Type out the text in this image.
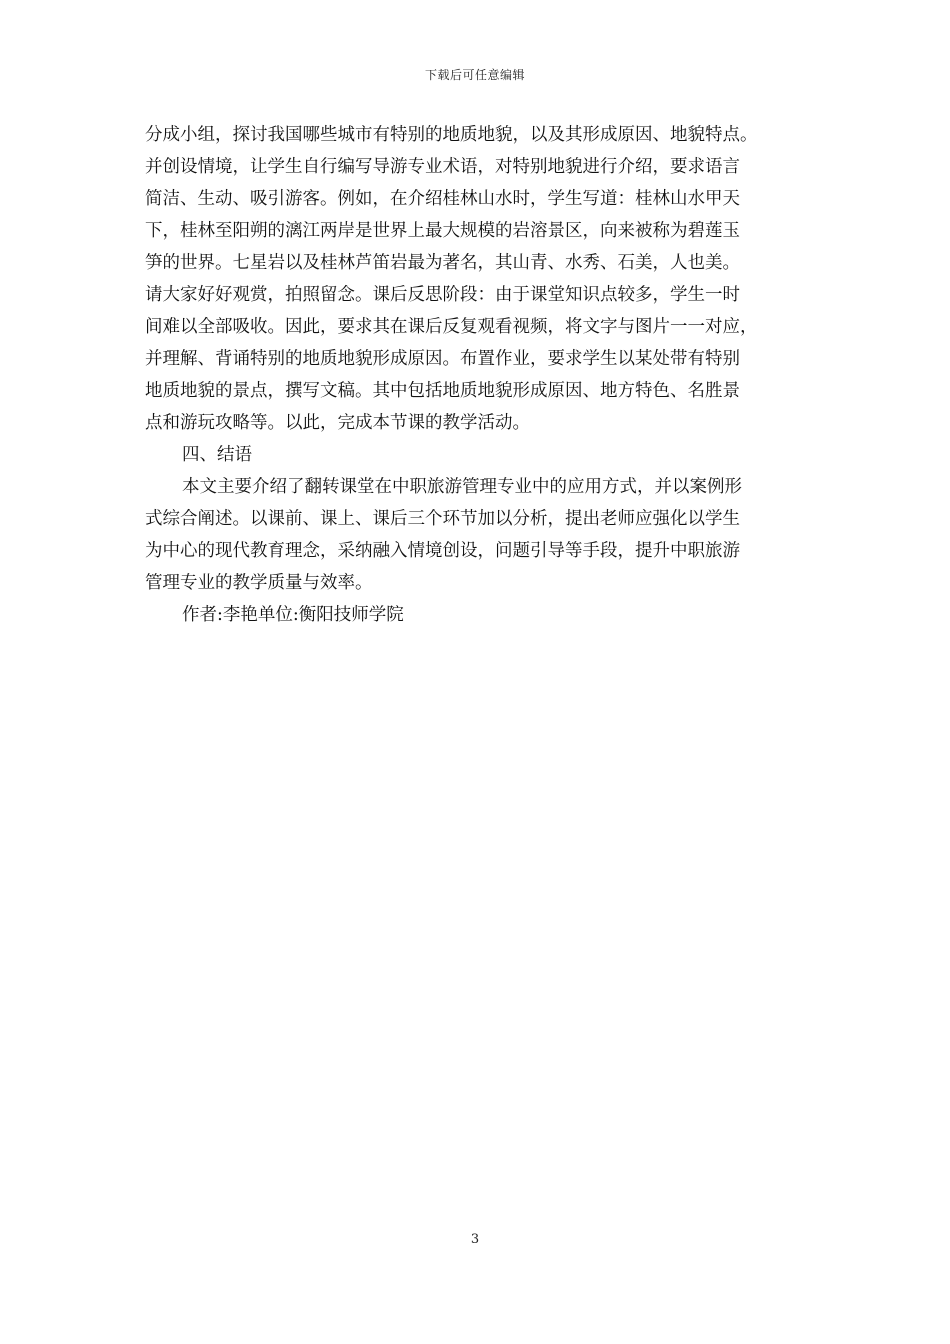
下载后可任意编辑
分成小组，探讨我国哪些城市有特别的地质地貌，以及其形成原因、地貌特点。
并创设情境，让学生自行编写导游专业术语，对特别地貌进行介绍，要求语言
简洁、生动、吸引游客。例如，在介绍桂林山水时，学生写道：桂林山水甲天
下，桂林至阳朔的漓江两岸是世界上最大规模的岩溶景区，向来被称为碧莲玉
笋的世界。七星岩以及桂林芦笛岩最为著名，其山青、水秀、石美，人也美。
请大家好好观赏，拍照留念。课后反思阶段：由于课堂知识点较多，学生一时
间难以全部吸收。因此，要求其在课后反复观看视频，将文字与图片一一对应，
并理解、背诵特别的地质地貌形成原因。布置作业，要求学生以某处带有特别
地质地貌的景点，撰写文稿。其中包括地质地貌形成原因、地方特色、名胜景
点和游玩攻略等。以此，完成本节课的教学活动。
四、结语
本文主要介绍了翻转课堂在中职旅游管理专业中的应用方式，并以案例形
式综合阐述。以课前、课上、课后三个环节加以分析，提出老师应强化以学生
为中心的现代教育理念，采纳融入情境创设，问题引导等手段，提升中职旅游
管理专业的教学质量与效率。
作者:李艳单位:衡阳技师学院
3
